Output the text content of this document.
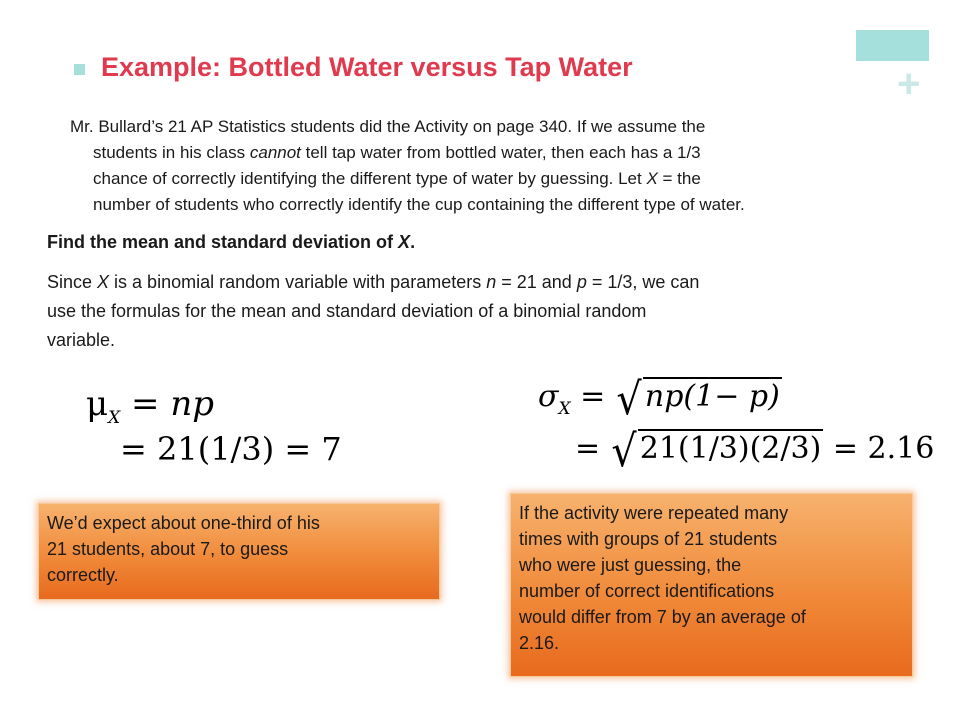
+
Example: Bottled Water versus Tap Water

Mr. Bullard’s 21 AP Statistics students did the Activity on page 340. If we assume the
students in his class cannot tell tap water from bottled water, then each has a 1/3
chance of correctly identifying the different type of water by guessing. Let X = the
number of students who correctly identify the cup containing the different type of water.

Find the mean and standard deviation of X.

Since X is a binomial random variable with parameters n = 21 and p = 1/3, we can
use the formulas for the mean and standard deviation of a binomial random
variable.

$\mu_X$ = np
= 21(1/3) = 7
$\sigma_X$ = √ np(1− p)
= √ 21(1/3)(2/3) = 2.16
We’d expect about one-third of his
21 students, about 7, to guess
correctly.
If the activity were repeated many
times with groups of 21 students
who were just guessing, the
number of correct identifications
would differ from 7 by an average of
2.16.
